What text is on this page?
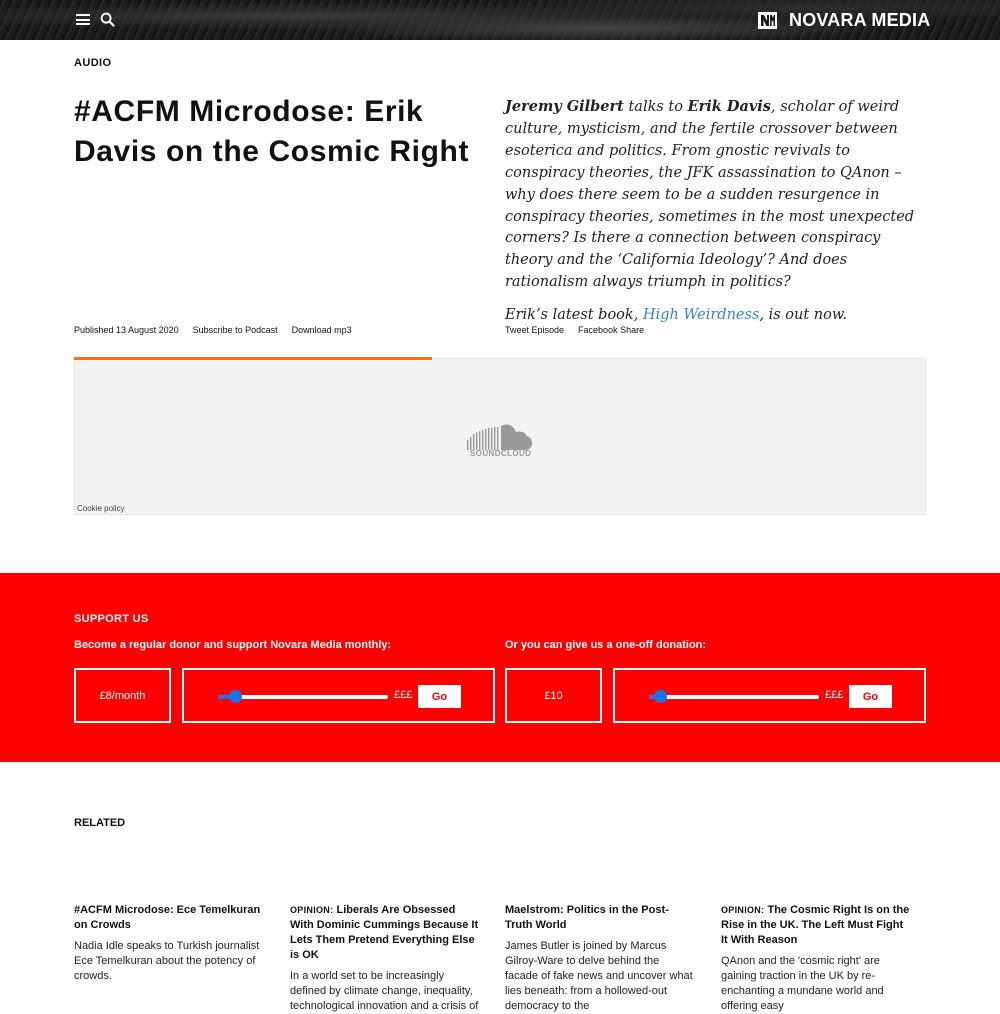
NOVARA MEDIA
AUDIO
#ACFM Microdose: Erik Davis on the Cosmic Right

Jeremy Gilbert talks to Erik Davis, scholar of weird culture, mysticism, and the fertile crossover between esoterica and politics. From gnostic revivals to conspiracy theories, the JFK assassination to QAnon – why does there seem to be a sudden resurgence in conspiracy theories, sometimes in the most unexpected corners? Is there a connection between conspiracy theory and the ‘California Ideology’? And does rationalism always triumph in politics?

Erik’s latest book, High Weirdness, is out now.

Published 13 August 2020 Subscribe to Podcast Download mp3	Tweet Episode Facebook Share
SOUNDCLOUD
Cookie policy
SUPPORT US
Become a regular donor and support Novara Media monthly:	Or you can give us a one-off donation:
£8/month	£££	Go	£10	£££	Go
RELATED
#ACFM Microdose: Ece Temelkuran on Crowds
Nadia Idle speaks to Turkish journalist Ece Temelkuran about the potency of crowds.
OPINION: Liberals Are Obsessed With Dominic Cummings Because It Lets Them Pretend Everything Else is OK
In a world set to be increasingly defined by climate change, inequality, technological innovation and a crisis of
Maelstrom: Politics in the Post-Truth World
James Butler is joined by Marcus Gilroy-Ware to delve behind the facade of fake news and uncover what lies beneath: from a hollowed-out democracy to the
OPINION: The Cosmic Right Is on the Rise in the UK. The Left Must Fight It With Reason
QAnon and the 'cosmic right' are gaining traction in the UK by re-enchanting a mundane world and offering easy
